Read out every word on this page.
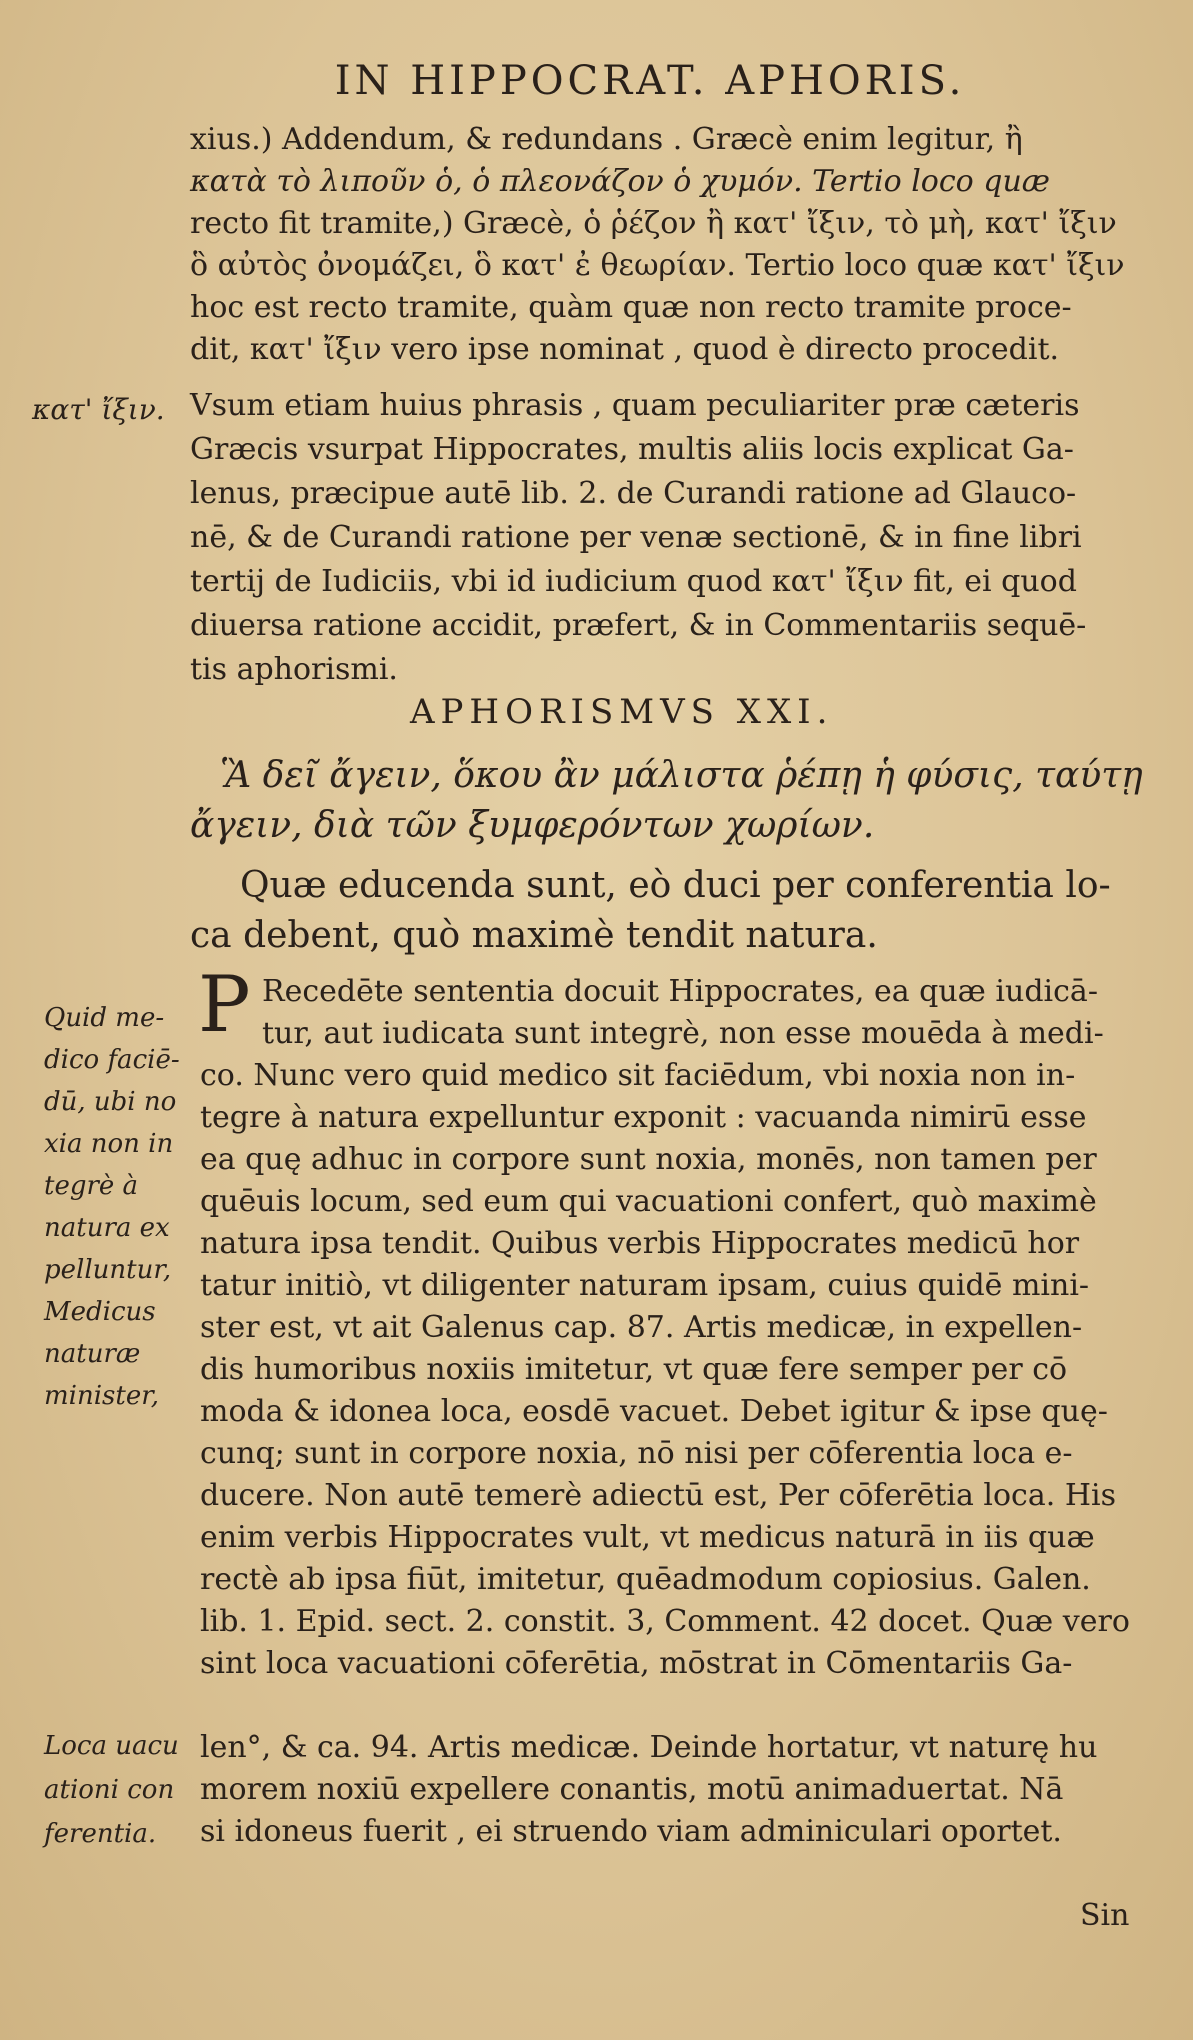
IN HIPPOCRAT. APHORIS.
xius.) Addendum, & redundans . Græcè enim legitur, ἢ
κατὰ τὸ λιποῦν ὁ, ὁ πλεονάζον ὁ χυμόν. Tertio loco quæ
recto fit tramite,) Græcè, ὁ ῥέζον ἢ κατ' ἴξιν, τὸ μὴ, κατ' ἴξιν
ὃ αὐτὸς ὀνομάζει, ὃ κατ' ἐ θεωρίαν. Tertio loco quæ κατ' ἴξιν
hoc est recto tramite, quàm quæ non recto tramite proce-
dit, κατ' ἴξιν vero ipse nominat , quod è directo procedit.
Vsum etiam huius phrasis , quam peculiariter præ cæteris
Græcis vsurpat Hippocrates, multis aliis locis explicat Ga-
lenus, præcipue autē lib. 2. de Curandi ratione ad Glauco-
nē, & de Curandi ratione per venæ sectionē, & in fine libri
tertij de Iudiciis, vbi id iudicium quod κατ' ἴξιν fit, ei quod
diuersa ratione accidit, præfert, & in Commentariis sequē-
tis aphorismi.
κατ' ἴξιν.
APHORISMVS XXI.
Ἃ δεῖ ἄγειν, ὅκου ἂν μάλιστα ῥέπῃ ἡ φύσις, ταύτῃ
ἄγειν, διὰ τῶν ξυμφερόντων χωρίων.
Quæ educenda sunt, eò duci per conferentia lo-
ca debent, quò maximè tendit natura.
P Recedēte sententia docuit Hippocrates, ea quæ iudicā-
tur, aut iudicata sunt integrè, non esse mouēda à medi-
co. Nunc vero quid medico sit faciēdum, vbi noxia non in-
tegre à natura expelluntur exponit : vacuanda nimirū esse
ea quę adhuc in corpore sunt noxia, monēs, non tamen per
quēuis locum, sed eum qui vacuationi confert, quò maximè
natura ipsa tendit. Quibus verbis Hippocrates medicū hor
tatur initiò, vt diligenter naturam ipsam, cuius quidē mini-
ster est, vt ait Galenus cap. 87. Artis medicæ, in expellen-
dis humoribus noxiis imitetur, vt quæ fere semper per cō
moda & idonea loca, eosdē vacuet. Debet igitur & ipse quę-
cunq; sunt in corpore noxia, nō nisi per cōferentia loca e-
ducere. Non autē temerè adiectū est, Per cōferētia loca. His
enim verbis Hippocrates vult, vt medicus naturā in iis quæ
rectè ab ipsa fiūt, imitetur, quēadmodum copiosius. Galen.
lib. 1. Epid. sect. 2. constit. 3, Comment. 42 docet. Quæ vero
sint loca vacuationi cōferētia, mōstrat in Cōmentariis Ga-
len°, & ca. 94. Artis medicæ. Deinde hortatur, vt naturę hu
morem noxiū expellere conantis, motū animaduertat. Nā
si idoneus fuerit , ei struendo viam adminiculari oportet.
Quid me-
dico faciē-
dū, ubi no
xia non in
tegrè à
natura ex
pelluntur,
Medicus
naturæ
minister,
Loca uacu
ationi con
ferentia.
Sin
